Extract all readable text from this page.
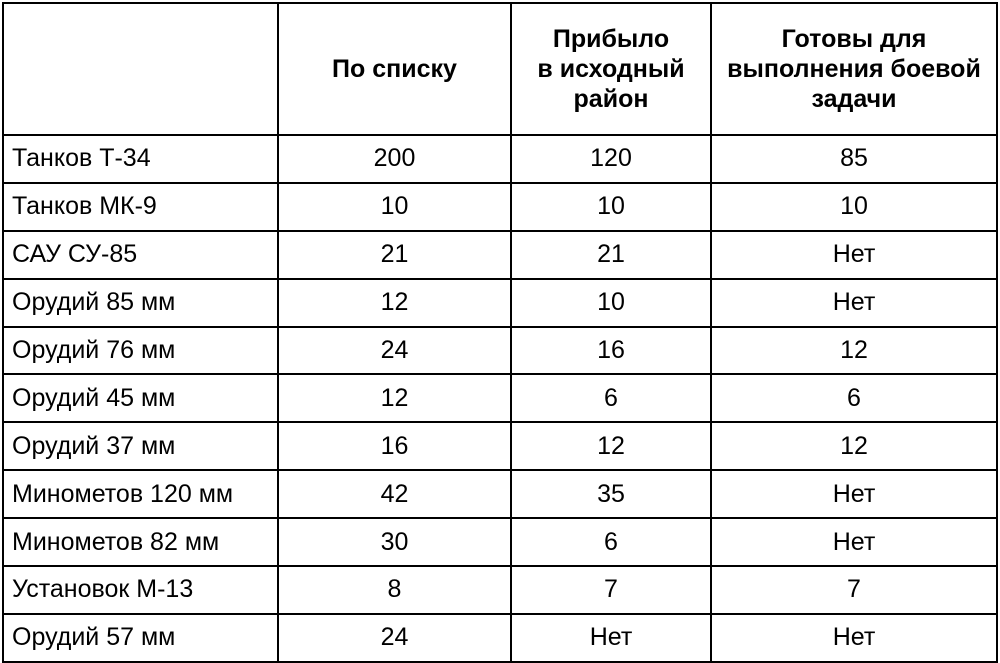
	По списку	Прибыло
в исходный
район	Готовы для
выполнения боевой
задачи
Танков Т-34	200	120	85
Танков МК-9	10	10	10
САУ СУ-85	21	21	Нет
Орудий 85 мм	12	10	Нет
Орудий 76 мм	24	16	12
Орудий 45 мм	12	6	6
Орудий 37 мм	16	12	12
Минометов 120 мм	42	35	Нет
Минометов 82 мм	30	6	Нет
Установок М-13	8	7	7
Орудий 57 мм	24	Нет	Нет
